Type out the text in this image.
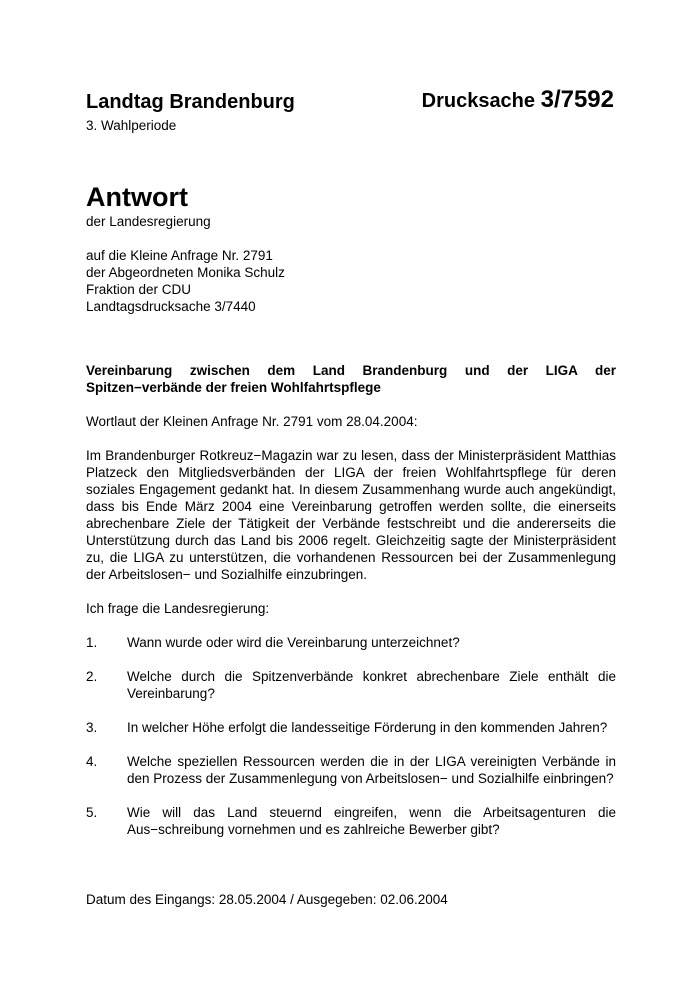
Landtag Brandenburg
3. Wahlperiode
Drucksache 3/7592
Antwort
der Landesregierung
auf die Kleine Anfrage Nr. 2791
der Abgeordneten Monika Schulz
Fraktion der CDU
Landtagsdrucksache 3/7440
Vereinbarung zwischen dem Land Brandenburg und der LIGA der Spitzen−verbände der freien Wohlfahrtspflege
Wortlaut der Kleinen Anfrage Nr. 2791 vom 28.04.2004:
Im Brandenburger Rotkreuz−Magazin war zu lesen, dass der Ministerpräsident Matthias Platzeck den Mitgliedsverbänden der LIGA der freien Wohlfahrtspflege für deren soziales Engagement gedankt hat. In diesem Zusammenhang wurde auch angekündigt, dass bis Ende März 2004 eine Vereinbarung getroffen werden sollte, die einerseits abrechenbare Ziele der Tätigkeit der Verbände festschreibt und die andererseits die Unterstützung durch das Land bis 2006 regelt. Gleichzeitig sagte der Ministerpräsident zu, die LIGA zu unterstützen, die vorhandenen Ressourcen bei der Zusammenlegung der Arbeitslosen− und Sozialhilfe einzubringen.
Ich frage die Landesregierung:
1.	Wann wurde oder wird die Vereinbarung unterzeichnet?
2.	Welche durch die Spitzenverbände konkret abrechenbare Ziele enthält die Vereinbarung?
3.	In welcher Höhe erfolgt die landesseitige Förderung in den kommenden Jahren?
4.	Welche speziellen Ressourcen werden die in der LIGA vereinigten Verbände in den Prozess der Zusammenlegung von Arbeitslosen− und Sozialhilfe einbringen?
5.	Wie will das Land steuernd eingreifen, wenn die Arbeitsagenturen die Aus−schreibung vornehmen und es zahlreiche Bewerber gibt?
Datum des Eingangs: 28.05.2004 / Ausgegeben: 02.06.2004
